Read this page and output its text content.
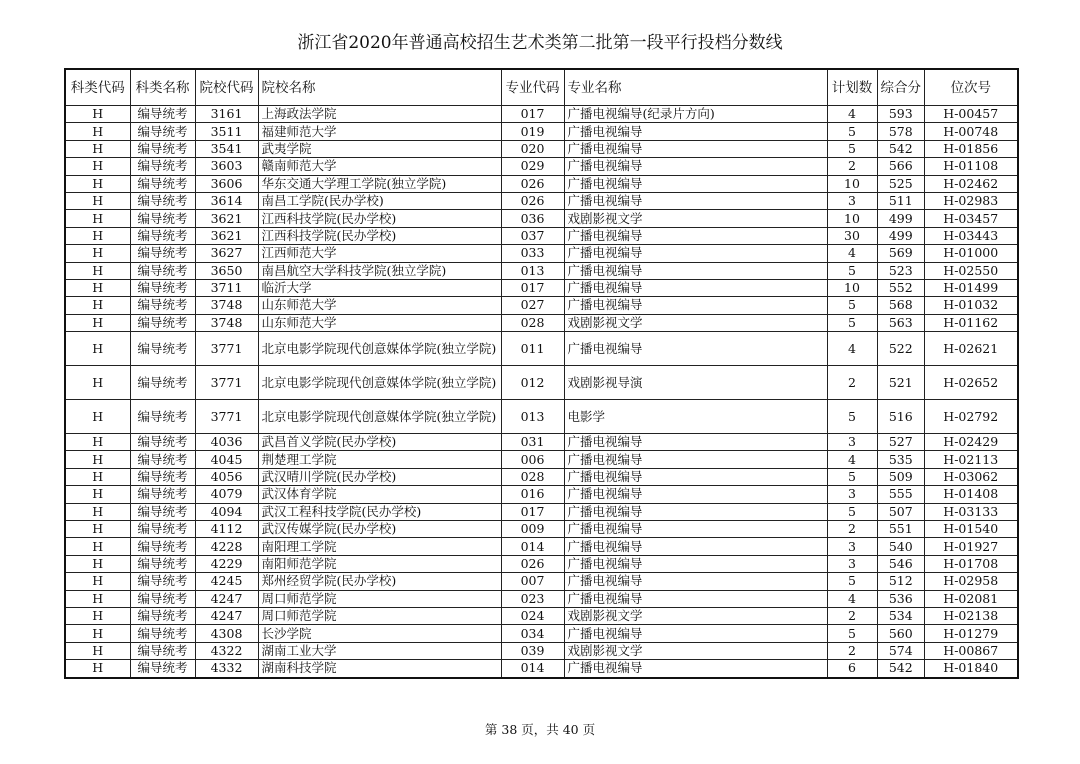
浙江省2020年普通高校招生艺术类第二批第一段平行投档分数线
科类代码	科类名称	院校代码	院校名称	专业代码	专业名称	计划数	综合分	位次号
H	编导统考	3161	上海政法学院	017	广播电视编导(纪录片方向)	4	593	H-00457
H	编导统考	3511	福建师范大学	019	广播电视编导	5	578	H-00748
H	编导统考	3541	武夷学院	020	广播电视编导	5	542	H-01856
H	编导统考	3603	赣南师范大学	029	广播电视编导	2	566	H-01108
H	编导统考	3606	华东交通大学理工学院(独立学院)	026	广播电视编导	10	525	H-02462
H	编导统考	3614	南昌工学院(民办学校)	026	广播电视编导	3	511	H-02983
H	编导统考	3621	江西科技学院(民办学校)	036	戏剧影视文学	10	499	H-03457
H	编导统考	3621	江西科技学院(民办学校)	037	广播电视编导	30	499	H-03443
H	编导统考	3627	江西师范大学	033	广播电视编导	4	569	H-01000
H	编导统考	3650	南昌航空大学科技学院(独立学院)	013	广播电视编导	5	523	H-02550
H	编导统考	3711	临沂大学	017	广播电视编导	10	552	H-01499
H	编导统考	3748	山东师范大学	027	广播电视编导	5	568	H-01032
H	编导统考	3748	山东师范大学	028	戏剧影视文学	5	563	H-01162
H	编导统考	3771	北京电影学院现代创意媒体学院(独立学院)	011	广播电视编导	4	522	H-02621
H	编导统考	3771	北京电影学院现代创意媒体学院(独立学院)	012	戏剧影视导演	2	521	H-02652
H	编导统考	3771	北京电影学院现代创意媒体学院(独立学院)	013	电影学	5	516	H-02792
H	编导统考	4036	武昌首义学院(民办学校)	031	广播电视编导	3	527	H-02429
H	编导统考	4045	荆楚理工学院	006	广播电视编导	4	535	H-02113
H	编导统考	4056	武汉晴川学院(民办学校)	028	广播电视编导	5	509	H-03062
H	编导统考	4079	武汉体育学院	016	广播电视编导	3	555	H-01408
H	编导统考	4094	武汉工程科技学院(民办学校)	017	广播电视编导	5	507	H-03133
H	编导统考	4112	武汉传媒学院(民办学校)	009	广播电视编导	2	551	H-01540
H	编导统考	4228	南阳理工学院	014	广播电视编导	3	540	H-01927
H	编导统考	4229	南阳师范学院	026	广播电视编导	3	546	H-01708
H	编导统考	4245	郑州经贸学院(民办学校)	007	广播电视编导	5	512	H-02958
H	编导统考	4247	周口师范学院	023	广播电视编导	4	536	H-02081
H	编导统考	4247	周口师范学院	024	戏剧影视文学	2	534	H-02138
H	编导统考	4308	长沙学院	034	广播电视编导	5	560	H-01279
H	编导统考	4322	湖南工业大学	039	戏剧影视文学	2	574	H-00867
H	编导统考	4332	湖南科技学院	014	广播电视编导	6	542	H-01840
第 38 页，共 40 页
